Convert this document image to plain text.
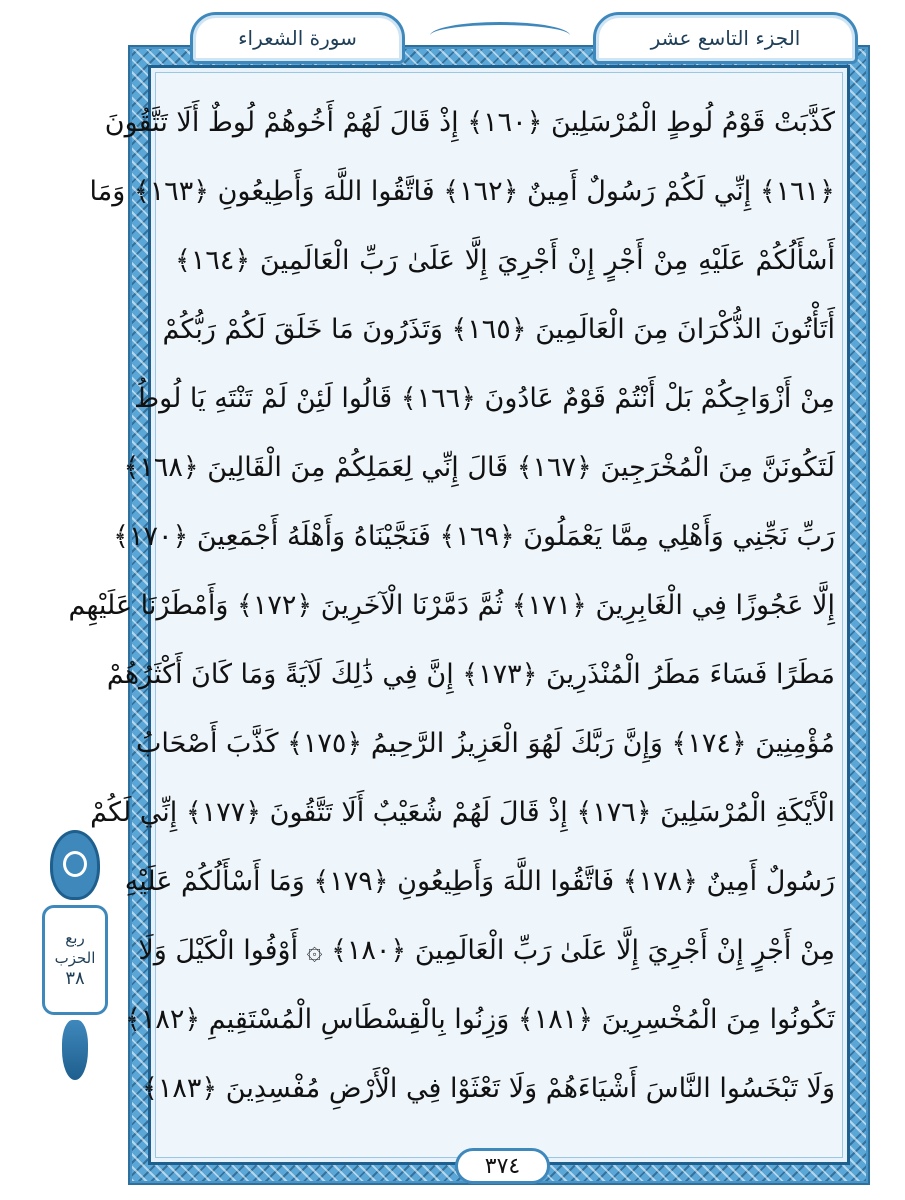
الجزء التاسع عشر
سورة الشعراء
كَذَّبَتْ قَوْمُ لُوطٍ الْمُرْسَلِينَ ﴿١٦٠﴾ إِذْ قَالَ لَهُمْ أَخُوهُمْ لُوطٌ أَلَا تَتَّقُونَ
﴿١٦١﴾ إِنِّي لَكُمْ رَسُولٌ أَمِينٌ ﴿١٦٢﴾ فَاتَّقُوا اللَّهَ وَأَطِيعُونِ ﴿١٦٣﴾ وَمَا
أَسْأَلُكُمْ عَلَيْهِ مِنْ أَجْرٍ إِنْ أَجْرِيَ إِلَّا عَلَىٰ رَبِّ الْعَالَمِينَ ﴿١٦٤﴾
أَتَأْتُونَ الذُّكْرَانَ مِنَ الْعَالَمِينَ ﴿١٦٥﴾ وَتَذَرُونَ مَا خَلَقَ لَكُمْ رَبُّكُمْ
مِنْ أَزْوَاجِكُمْ بَلْ أَنْتُمْ قَوْمٌ عَادُونَ ﴿١٦٦﴾ قَالُوا لَئِنْ لَمْ تَنْتَهِ يَا لُوطُ
لَتَكُونَنَّ مِنَ الْمُخْرَجِينَ ﴿١٦٧﴾ قَالَ إِنِّي لِعَمَلِكُمْ مِنَ الْقَالِينَ ﴿١٦٨﴾
رَبِّ نَجِّنِي وَأَهْلِي مِمَّا يَعْمَلُونَ ﴿١٦٩﴾ فَنَجَّيْنَاهُ وَأَهْلَهُ أَجْمَعِينَ ﴿١٧٠﴾
إِلَّا عَجُوزًا فِي الْغَابِرِينَ ﴿١٧١﴾ ثُمَّ دَمَّرْنَا الْآخَرِينَ ﴿١٧٢﴾ وَأَمْطَرْنَا عَلَيْهِم
مَطَرًا فَسَاءَ مَطَرُ الْمُنْذَرِينَ ﴿١٧٣﴾ إِنَّ فِي ذَٰلِكَ لَآيَةً وَمَا كَانَ أَكْثَرُهُمْ
مُؤْمِنِينَ ﴿١٧٤﴾ وَإِنَّ رَبَّكَ لَهُوَ الْعَزِيزُ الرَّحِيمُ ﴿١٧٥﴾ كَذَّبَ أَصْحَابُ
الْأَيْكَةِ الْمُرْسَلِينَ ﴿١٧٦﴾ إِذْ قَالَ لَهُمْ شُعَيْبٌ أَلَا تَتَّقُونَ ﴿١٧٧﴾ إِنِّي لَكُمْ
رَسُولٌ أَمِينٌ ﴿١٧٨﴾ فَاتَّقُوا اللَّهَ وَأَطِيعُونِ ﴿١٧٩﴾ وَمَا أَسْأَلُكُمْ عَلَيْهِ
مِنْ أَجْرٍ إِنْ أَجْرِيَ إِلَّا عَلَىٰ رَبِّ الْعَالَمِينَ ﴿١٨٠﴾ ۞ أَوْفُوا الْكَيْلَ وَلَا
تَكُونُوا مِنَ الْمُخْسِرِينَ ﴿١٨١﴾ وَزِنُوا بِالْقِسْطَاسِ الْمُسْتَقِيمِ ﴿١٨٢﴾
وَلَا تَبْخَسُوا النَّاسَ أَشْيَاءَهُمْ وَلَا تَعْثَوْا فِي الْأَرْضِ مُفْسِدِينَ ﴿١٨٣﴾
٣٧٤
ربع
الحزب
٣٨
